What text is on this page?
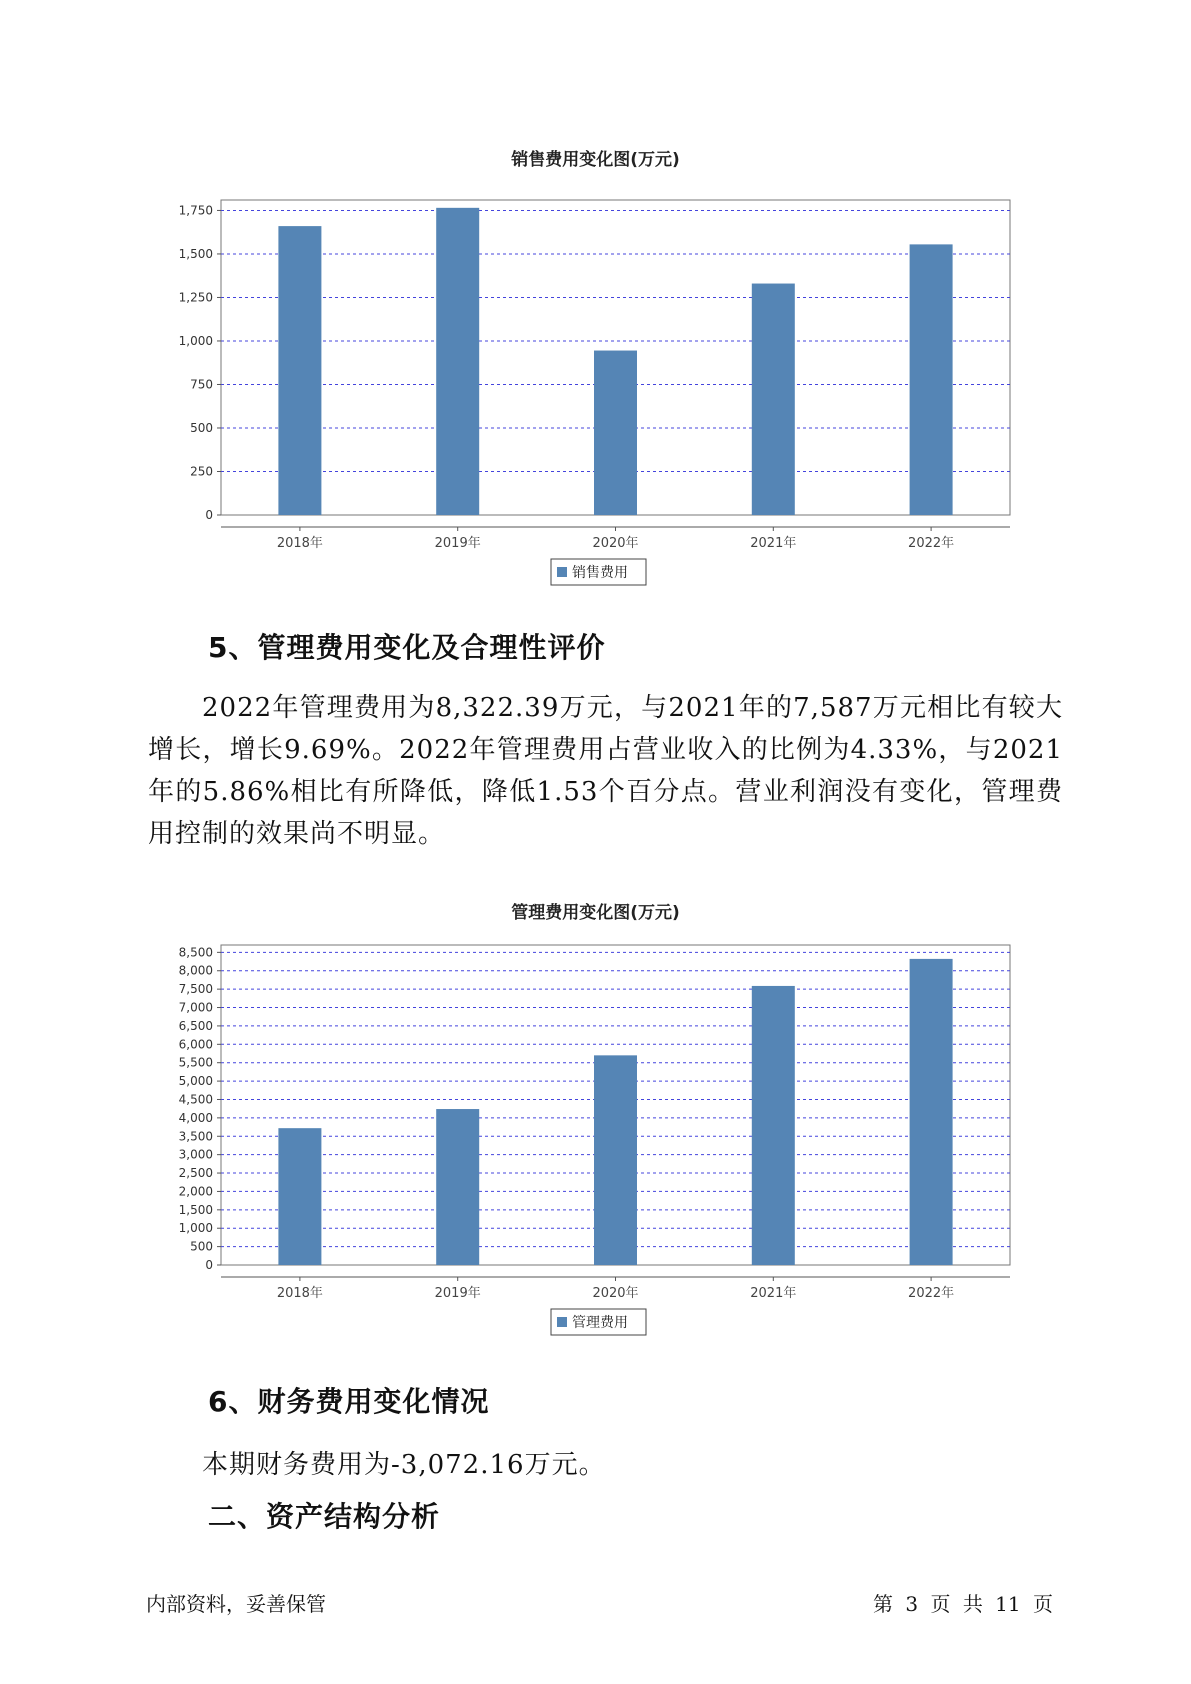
销售费用变化图(万元)
0
250
500
750
1,000
1,250
1,500
1,750
2018年	2019年	2020年	2021年	2022年
销售费用
5、管理费用变化及合理性评价

2022年管理费用为8,322.39万元，与2021年的7,587万元相比有较大增长，增长9.69%。2022年管理费用占营业收入的比例为4.33%，与2021年的5.86%相比有所降低，降低1.53个百分点。营业利润没有变化，管理费用控制的效果尚不明显。

管理费用变化图(万元)
0
500
1,000
1,500
2,000
2,500
3,000
3,500
4,000
4,500
5,000
5,500
6,000
6,500
7,000
7,500
8,000
8,500
2018年	2019年	2020年	2021年	2022年
管理费用
6、财务费用变化情况
本期财务费用为-3,072.16万元。
二、资产结构分析
内部资料，妥善保管	第 3 页 共 11 页
